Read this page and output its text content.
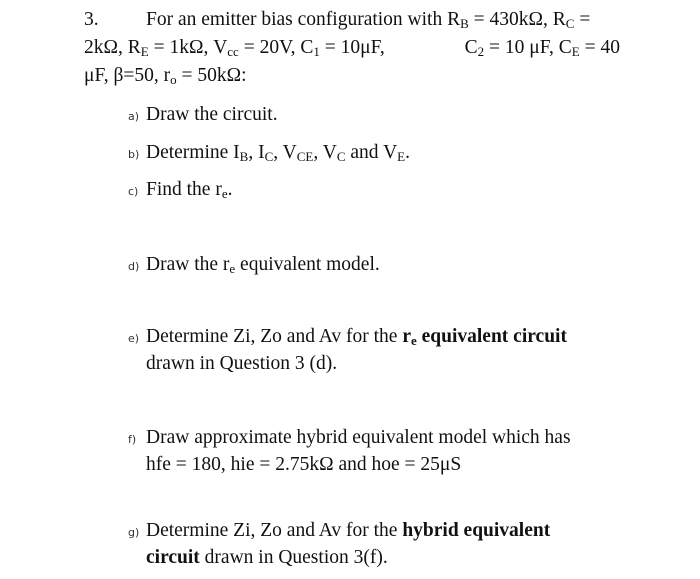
3. For an emitter bias configuration with $R_B = 430k\Omega$, $R_C$ =
2kΩ, $R_E = 1k\Omega$, $V_{cc} = 20V$, $C_1 = 10\mu F$,	$C_2 = 10$ μF, $C_E = 40$
μF, β=50, $r_o = 50k\Omega$:
a) Draw the circuit.
b) Determine $I_B$, $I_C$, $V_{CE}$, $V_C$ and $V_E$.
c) Find the $r_e$.
d) Draw the $r_e$ equivalent model.
e) Determine Zi, Zo and Av for the $r_e$ equivalent circuit
drawn in Question 3 (d).
f) Draw approximate hybrid equivalent model which has
hfe = 180, hie = 2.75kΩ and hoe = 25μS
g) Determine Zi, Zo and Av for the hybrid equivalent
circuit drawn in Question 3(f).
